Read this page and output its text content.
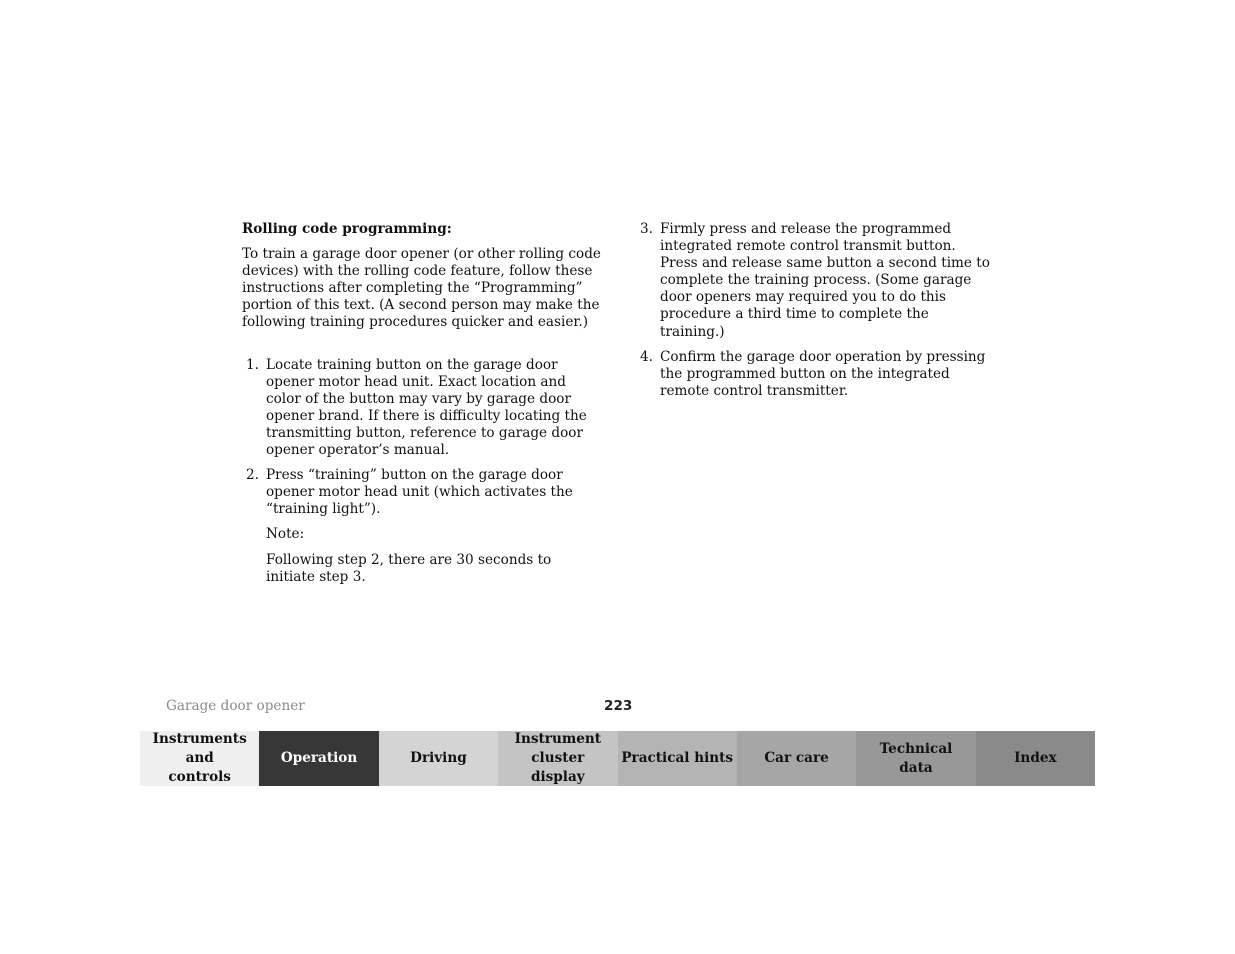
Rolling code programming:

To train a garage door opener (or other rolling code devices) with the rolling code feature, follow these instructions after completing the “Programming” portion of this text. (A second person may make the following training procedures quicker and easier.)

1. Locate training button on the garage door opener motor head unit. Exact location and color of the button may vary by garage door opener brand. If there is difficulty locating the transmitting button, reference to garage door opener operator’s manual.
2. Press “training” button on the garage door opener motor head unit (which activates the “training light”).

Note:

Following step 2, there are 30 seconds to initiate step 3.

3. Firmly press and release the programmed integrated remote control transmit button. Press and release same button a second time to complete the training process. (Some garage door openers may required you to do this procedure a third time to complete the training.)
4. Confirm the garage door operation by pressing the programmed button on the integrated remote control transmitter.
Garage door opener	223
Instruments and controls
Operation	Driving
Instrument cluster display
Practical hints	Car care
Technical data
Index
